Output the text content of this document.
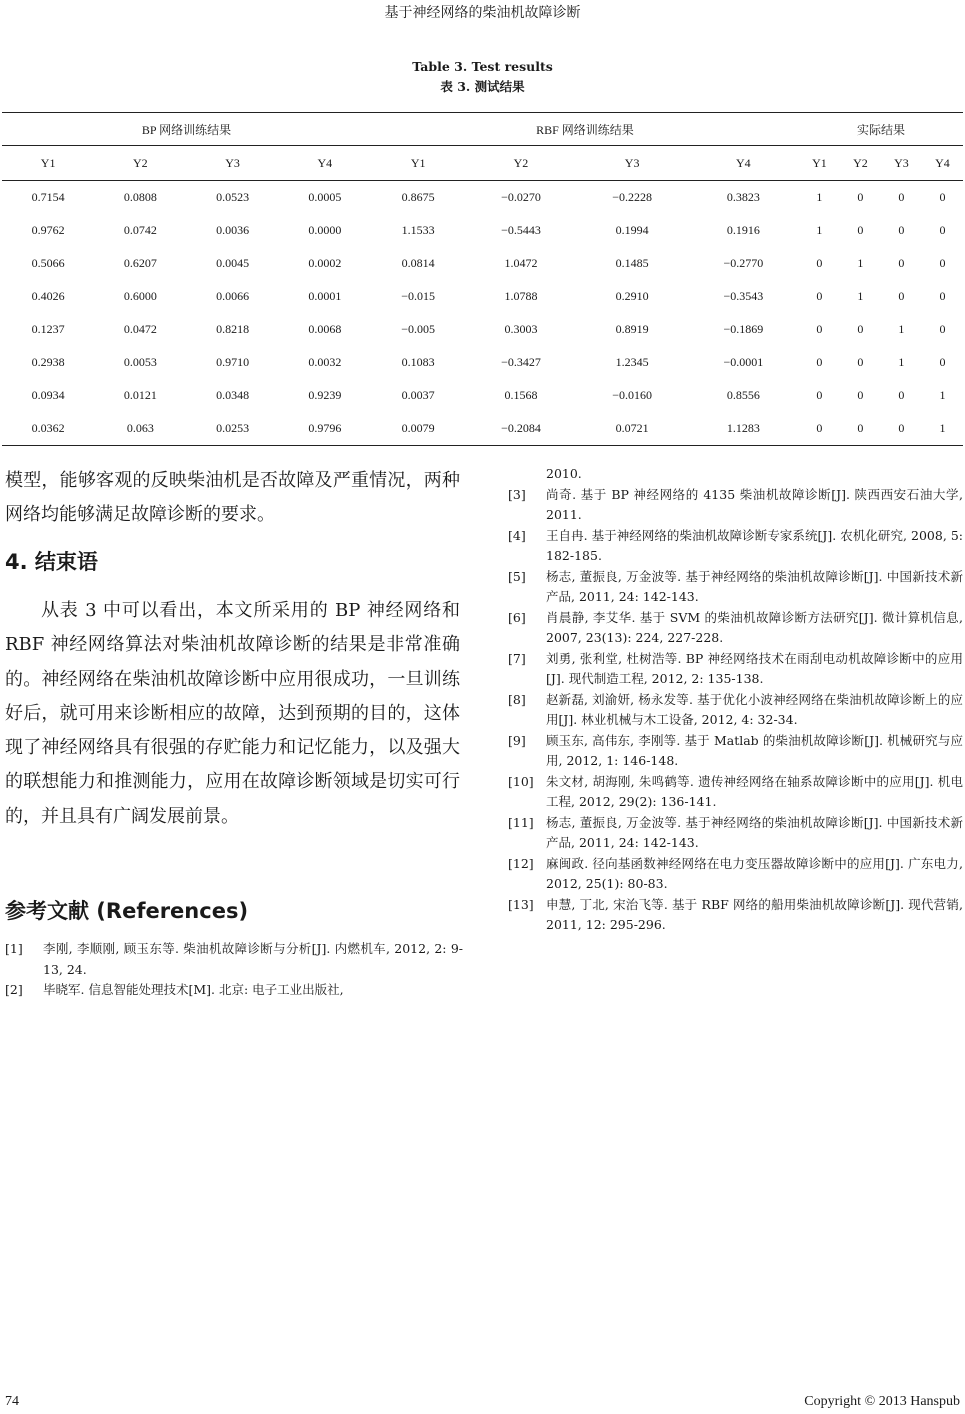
基于神经网络的柴油机故障诊断
Table 3. Test results
表 3. 测试结果
BP 网络训练结果				RBF 网络训练结果				实际结果			
Y1	Y2	Y3	Y4	Y1	Y2	Y3	Y4	Y1	Y2	Y3	Y4
0.7154	0.0808	0.0523	0.0005	0.8675	−0.0270	−0.2228	0.3823	1	0	0	0
0.9762	0.0742	0.0036	0.0000	1.1533	−0.5443	0.1994	0.1916	1	0	0	0
0.5066	0.6207	0.0045	0.0002	0.0814	1.0472	0.1485	−0.2770	0	1	0	0
0.4026	0.6000	0.0066	0.0001	−0.015	1.0788	0.2910	−0.3543	0	1	0	0
0.1237	0.0472	0.8218	0.0068	−0.005	0.3003	0.8919	−0.1869	0	0	1	0
0.2938	0.0053	0.9710	0.0032	0.1083	−0.3427	1.2345	−0.0001	0	0	1	0
0.0934	0.0121	0.0348	0.9239	0.0037	0.1568	−0.0160	0.8556	0	0	0	1
0.0362	0.063	0.0253	0.9796	0.0079	−0.2084	0.0721	1.1283	0	0	0	1

模型，能够客观的反映柴油机是否故障及严重情况，两种网络均能够满足故障诊断的要求。

4. 结束语

从表 3 中可以看出，本文所采用的 BP 神经网络和 RBF 神经网络算法对柴油机故障诊断的结果是非常准确的。神经网络在柴油机故障诊断中应用很成功，一旦训练好后，就可用来诊断相应的故障，达到预期的目的，这体现了神经网络具有很强的存贮能力和记忆能力，以及强大的联想能力和推测能力，应用在故障诊断领域是切实可行的，并且具有广阔发展前景。

参考文献 (References)
[1] 李刚, 李顺刚, 顾玉东等. 柴油机故障诊断与分析[J]. 内燃机车, 2012, 2: 9-13, 24.
[2] 毕晓军. 信息智能处理技术[M]. 北京: 电子工业出版社,
2010.
[3] 尚奇. 基于 BP 神经网络的 4135 柴油机故障诊断[J]. 陕西西安石油大学, 2011.
[4] 王自冉. 基于神经网络的柴油机故障诊断专家系统[J]. 农机化研究, 2008, 5: 182-185.
[5] 杨志, 董振良, 万金波等. 基于神经网络的柴油机故障诊断[J]. 中国新技术新产品, 2011, 24: 142-143.
[6] 肖晨静, 李艾华. 基于 SVM 的柴油机故障诊断方法研究[J]. 微计算机信息, 2007, 23(13): 224, 227-228.
[7] 刘勇, 张利堂, 杜树浩等. BP 神经网络技术在雨刮电动机故障诊断中的应用[J]. 现代制造工程, 2012, 2: 135-138.
[8] 赵新磊, 刘渝妍, 杨永发等. 基于优化小波神经网络在柴油机故障诊断上的应用[J]. 林业机械与木工设备, 2012, 4: 32-34.
[9] 顾玉东, 高伟东, 李刚等. 基于 Matlab 的柴油机故障诊断[J]. 机械研究与应用, 2012, 1: 146-148.
[10] 朱文材, 胡海刚, 朱鸣鹤等. 遗传神经网络在轴系故障诊断中的应用[J]. 机电工程, 2012, 29(2): 136-141.
[11] 杨志, 董振良, 万金波等. 基于神经网络的柴油机故障诊断[J]. 中国新技术新产品, 2011, 24: 142-143.
[12] 麻闽政. 径向基函数神经网络在电力变压器故障诊断中的应用[J]. 广东电力, 2012, 25(1): 80-83.
[13] 申慧, 丁北, 宋治飞等. 基于 RBF 网络的船用柴油机故障诊断[J]. 现代营销, 2011, 12: 295-296.
74	Copyright © 2013 Hanspub
